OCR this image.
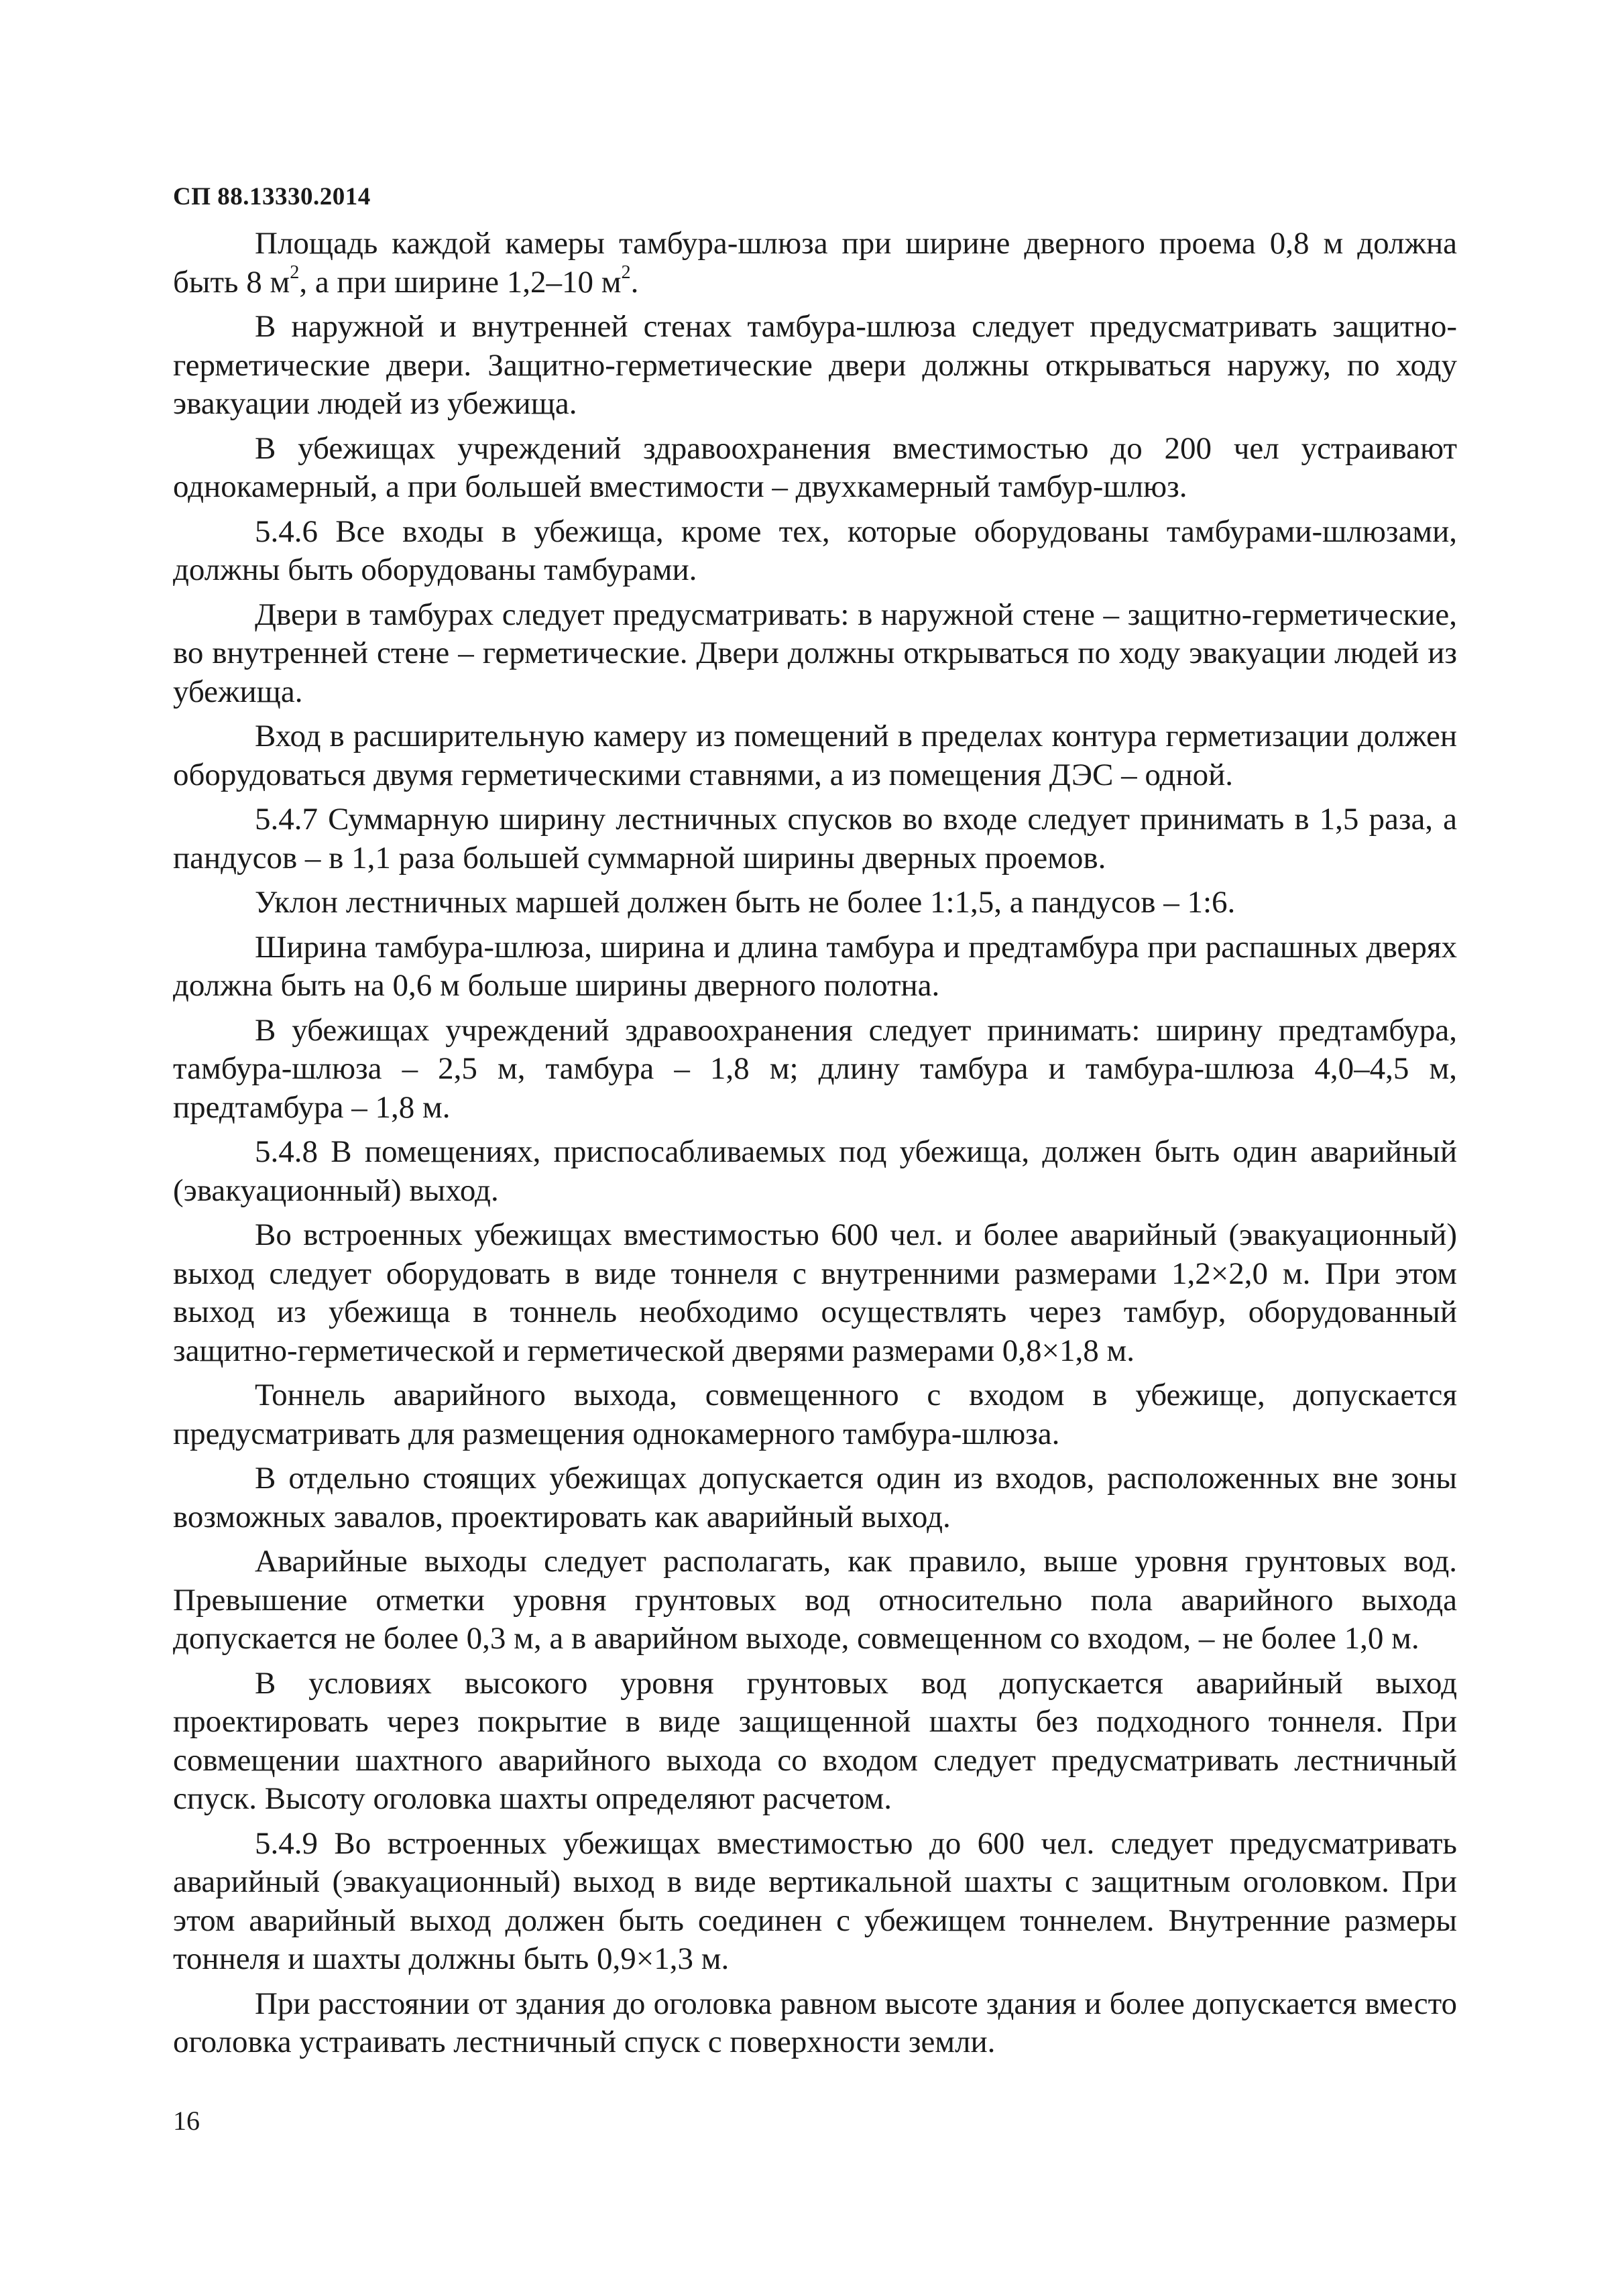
СП 88.13330.2014

Площадь каждой камеры тамбура-шлюза при ширине дверного проема 0,8 м должна быть 8 $м^2$, а при ширине 1,2–10 $м^2$.

В наружной и внутренней стенах тамбура-шлюза следует предусматривать защитно-герметические двери. Защитно-герметические двери должны открываться наружу, по ходу эвакуации людей из убежища.

В убежищах учреждений здравоохранения вместимостью до 200 чел устраивают однокамерный, а при большей вместимости – двухкамерный тамбур-шлюз.

5.4.6 Все входы в убежища, кроме тех, которые оборудованы тамбурами-шлюзами, должны быть оборудованы тамбурами.

Двери в тамбурах следует предусматривать: в наружной стене – защитно-герметические, во внутренней стене – герметические. Двери должны открываться по ходу эвакуации людей из убежища.

Вход в расширительную камеру из помещений в пределах контура герметизации должен оборудоваться двумя герметическими ставнями, а из помещения ДЭС – одной.

5.4.7 Суммарную ширину лестничных спусков во входе следует принимать в 1,5 раза, а пандусов – в 1,1 раза большей суммарной ширины дверных проемов.

Уклон лестничных маршей должен быть не более 1:1,5, а пандусов – 1:6.

Ширина тамбура-шлюза, ширина и длина тамбура и предтамбура при распашных дверях должна быть на 0,6 м больше ширины дверного полотна.

В убежищах учреждений здравоохранения следует принимать: ширину предтамбура, тамбура-шлюза – 2,5 м, тамбура – 1,8 м; длину тамбура и тамбура-шлюза 4,0–4,5 м, предтамбура – 1,8 м.

5.4.8 В помещениях, приспосабливаемых под убежища, должен быть один аварийный (эвакуационный) выход.

Во встроенных убежищах вместимостью 600 чел. и более аварийный (эвакуационный) выход следует оборудовать в виде тоннеля с внутренними размерами 1,2×2,0 м. При этом выход из убежища в тоннель необходимо осуществлять через тамбур, оборудованный защитно-герметической и герметической дверями размерами 0,8×1,8 м.

Тоннель аварийного выхода, совмещенного с входом в убежище, допускается предусматривать для размещения однокамерного тамбура-шлюза.

В отдельно стоящих убежищах допускается один из входов, расположенных вне зоны возможных завалов, проектировать как аварийный выход.

Аварийные выходы следует располагать, как правило, выше уровня грунтовых вод. Превышение отметки уровня грунтовых вод относительно пола аварийного выхода допускается не более 0,3 м, а в аварийном выходе, совмещенном со входом, – не более 1,0 м.

В условиях высокого уровня грунтовых вод допускается аварийный выход проектировать через покрытие в виде защищенной шахты без подходного тоннеля. При совмещении шахтного аварийного выхода со входом следует предусматривать лестничный спуск. Высоту оголовка шахты определяют расчетом.

5.4.9 Во встроенных убежищах вместимостью до 600 чел. следует предусматривать аварийный (эвакуационный) выход в виде вертикальной шахты с защитным оголовком. При этом аварийный выход должен быть соединен с убежищем тоннелем. Внутренние размеры тоннеля и шахты должны быть 0,9×1,3 м.

При расстоянии от здания до оголовка равном высоте здания и более допускается вместо оголовка устраивать лестничный спуск с поверхности земли.

16
